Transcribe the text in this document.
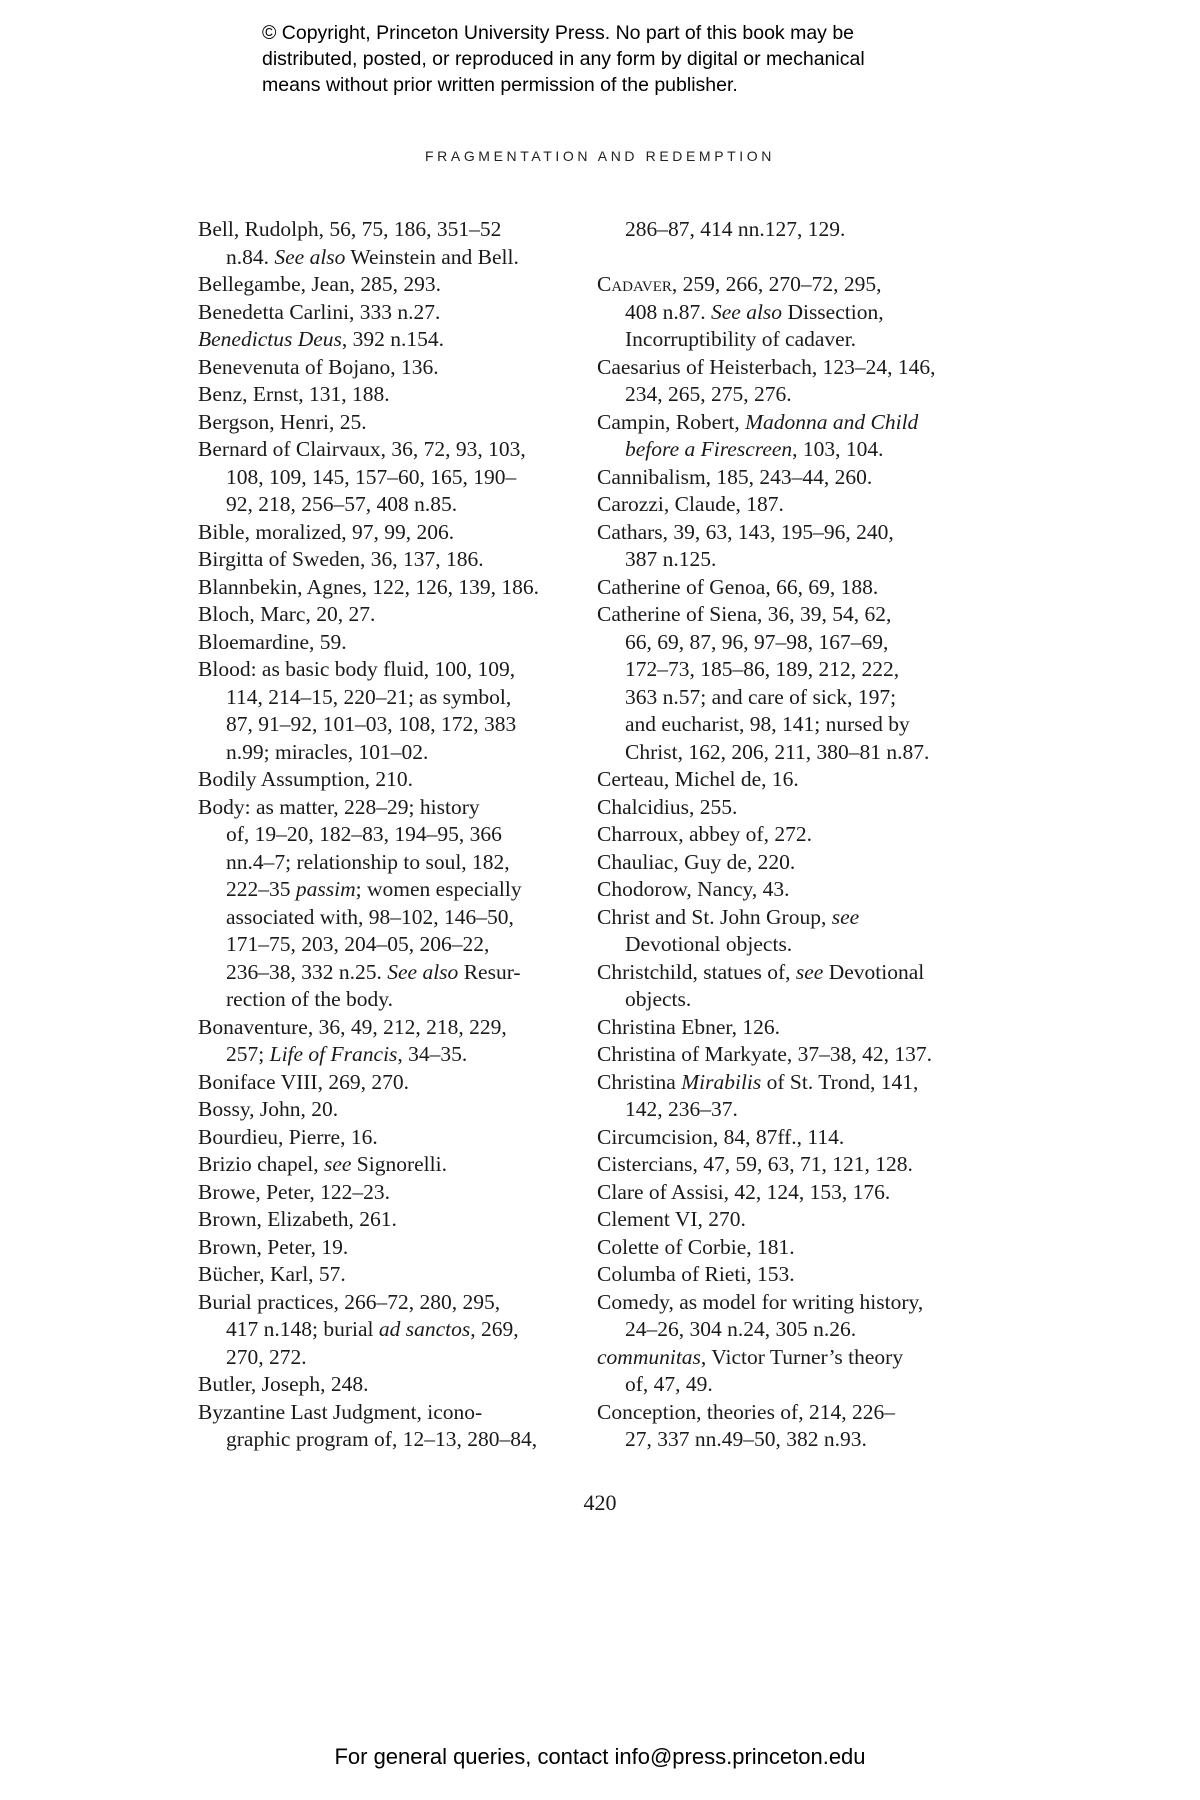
© Copyright, Princeton University Press. No part of this book may be
distributed, posted, or reproduced in any form by digital or mechanical
means without prior written permission of the publisher.
FRAGMENTATION AND REDEMPTION
Bell, Rudolph, 56, 75, 186, 351–52
n.84. See also Weinstein and Bell.
Bellegambe, Jean, 285, 293.
Benedetta Carlini, 333 n.27.
Benedictus Deus, 392 n.154.
Benevenuta of Bojano, 136.
Benz, Ernst, 131, 188.
Bergson, Henri, 25.
Bernard of Clairvaux, 36, 72, 93, 103,
108, 109, 145, 157–60, 165, 190–
92, 218, 256–57, 408 n.85.
Bible, moralized, 97, 99, 206.
Birgitta of Sweden, 36, 137, 186.
Blannbekin, Agnes, 122, 126, 139, 186.
Bloch, Marc, 20, 27.
Bloemardine, 59.
Blood: as basic body fluid, 100, 109,
114, 214–15, 220–21; as symbol,
87, 91–92, 101–03, 108, 172, 383
n.99; miracles, 101–02.
Bodily Assumption, 210.
Body: as matter, 228–29; history
of, 19–20, 182–83, 194–95, 366
nn.4–7; relationship to soul, 182,
222–35 passim; women especially
associated with, 98–102, 146–50,
171–75, 203, 204–05, 206–22,
236–38, 332 n.25. See also Resur-
rection of the body.
Bonaventure, 36, 49, 212, 218, 229,
257; Life of Francis, 34–35.
Boniface VIII, 269, 270.
Bossy, John, 20.
Bourdieu, Pierre, 16.
Brizio chapel, see Signorelli.
Browe, Peter, 122–23.
Brown, Elizabeth, 261.
Brown, Peter, 19.
Bücher, Karl, 57.
Burial practices, 266–72, 280, 295,
417 n.148; burial ad sanctos, 269,
270, 272.
Butler, Joseph, 248.
Byzantine Last Judgment, icono-
graphic program of, 12–13, 280–84,
286–87, 414 nn.127, 129.
Cadaver, 259, 266, 270–72, 295,
408 n.87. See also Dissection,
Incorruptibility of cadaver.
Caesarius of Heisterbach, 123–24, 146,
234, 265, 275, 276.
Campin, Robert, Madonna and Child
before a Firescreen, 103, 104.
Cannibalism, 185, 243–44, 260.
Carozzi, Claude, 187.
Cathars, 39, 63, 143, 195–96, 240,
387 n.125.
Catherine of Genoa, 66, 69, 188.
Catherine of Siena, 36, 39, 54, 62,
66, 69, 87, 96, 97–98, 167–69,
172–73, 185–86, 189, 212, 222,
363 n.57; and care of sick, 197;
and eucharist, 98, 141; nursed by
Christ, 162, 206, 211, 380–81 n.87.
Certeau, Michel de, 16.
Chalcidius, 255.
Charroux, abbey of, 272.
Chauliac, Guy de, 220.
Chodorow, Nancy, 43.
Christ and St. John Group, see
Devotional objects.
Christchild, statues of, see Devotional
objects.
Christina Ebner, 126.
Christina of Markyate, 37–38, 42, 137.
Christina Mirabilis of St. Trond, 141,
142, 236–37.
Circumcision, 84, 87ff., 114.
Cistercians, 47, 59, 63, 71, 121, 128.
Clare of Assisi, 42, 124, 153, 176.
Clement VI, 270.
Colette of Corbie, 181.
Columba of Rieti, 153.
Comedy, as model for writing history,
24–26, 304 n.24, 305 n.26.
communitas, Victor Turner’s theory
of, 47, 49.
Conception, theories of, 214, 226–
27, 337 nn.49–50, 382 n.93.
420
For general queries, contact info@press.princeton.edu
